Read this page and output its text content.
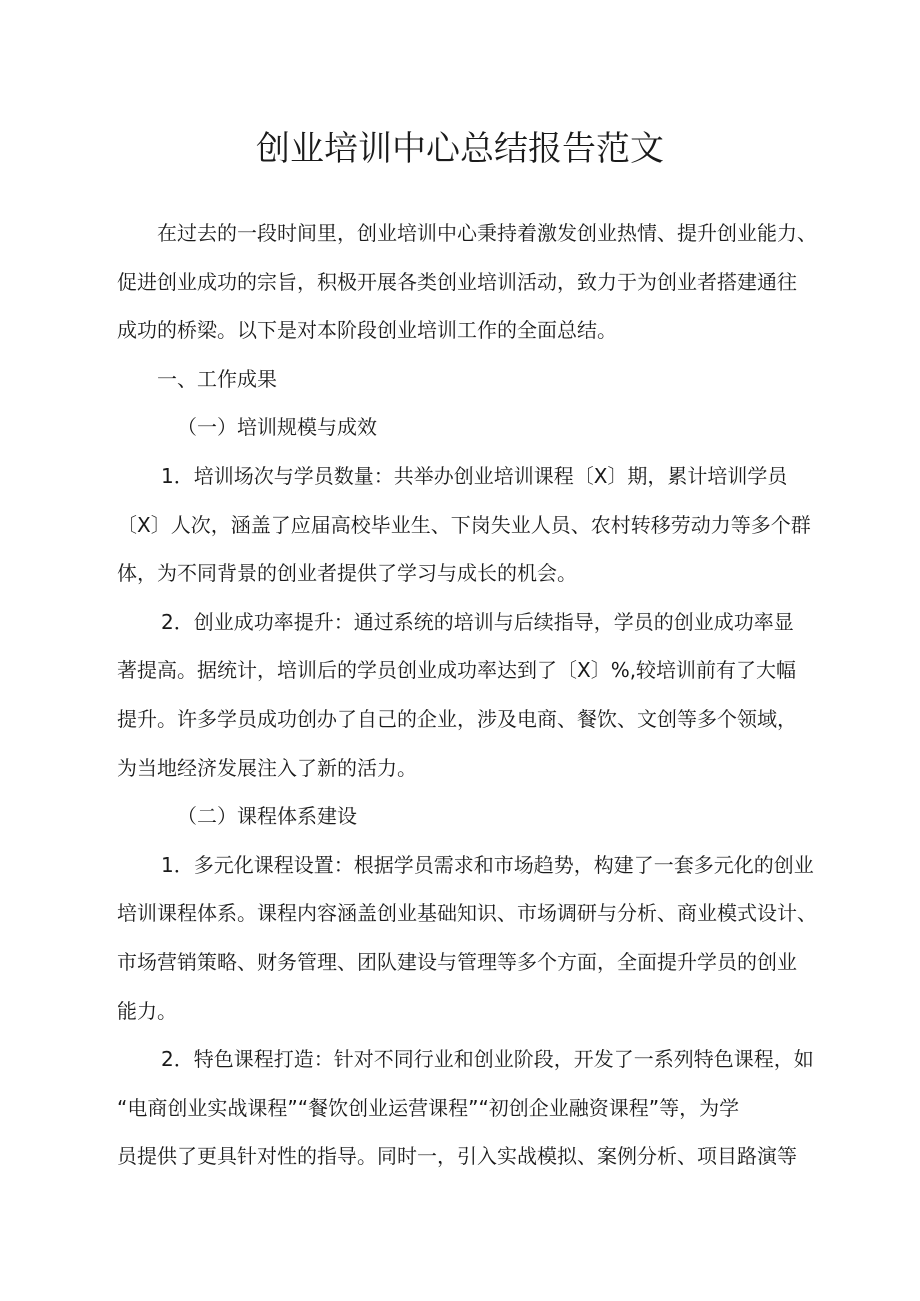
创业培训中心总结报告范文

在过去的一段时间里，创业培训中心秉持着激发创业热情、提升创业能力、

促进创业成功的宗旨，积极开展各类创业培训活动，致力于为创业者搭建通往

成功的桥梁。以下是对本阶段创业培训工作的全面总结。

一、工作成果

（一）培训规模与成效

1．培训场次与学员数量：共举办创业培训课程〔X〕期，累计培训学员

〔X〕人次，涵盖了应届高校毕业生、下岗失业人员、农村转移劳动力等多个群

体，为不同背景的创业者提供了学习与成长的机会。

2．创业成功率提升：通过系统的培训与后续指导，学员的创业成功率显

著提高。据统计，培训后的学员创业成功率达到了〔X〕%,较培训前有了大幅

提升。许多学员成功创办了自己的企业，涉及电商、餐饮、文创等多个领域，

为当地经济发展注入了新的活力。

（二）课程体系建设

1．多元化课程设置：根据学员需求和市场趋势，构建了一套多元化的创业

培训课程体系。课程内容涵盖创业基础知识、市场调研与分析、商业模式设计、

市场营销策略、财务管理、团队建设与管理等多个方面，全面提升学员的创业

能力。

2．特色课程打造：针对不同行业和创业阶段，开发了一系列特色课程，如

“电商创业实战课程”“餐饮创业运营课程”“初创企业融资课程”等，为学

员提供了更具针对性的指导。同时一，引入实战模拟、案例分析、项目路演等
